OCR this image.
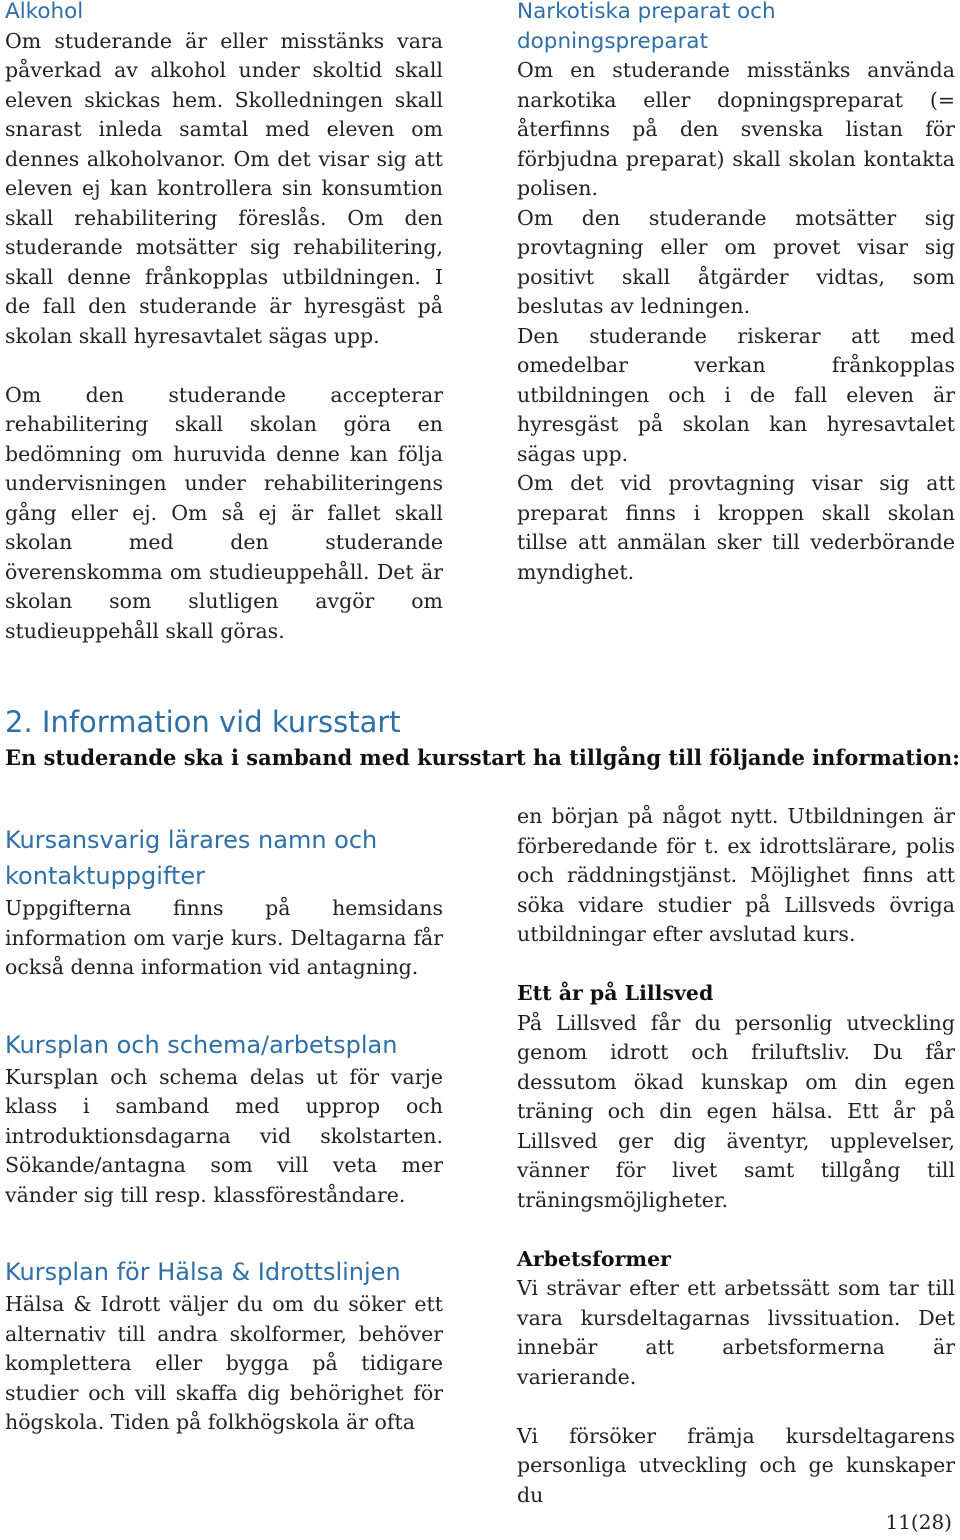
Alkohol

Om studerande är eller misstänks vara påverkad av alkohol under skoltid skall eleven skickas hem. Skolledningen skall snarast inleda samtal med eleven om dennes alkoholvanor. Om det visar sig att eleven ej kan kontrollera sin konsumtion skall rehabilitering föreslås. Om den studerande motsätter sig rehabilitering, skall denne frånkopplas utbildningen. I de fall den studerande är hyresgäst på skolan skall hyresavtalet sägas upp.

Om den studerande accepterar rehabilitering skall skolan göra en bedömning om huruvida denne kan följa undervisningen under rehabiliteringens gång eller ej. Om så ej är fallet skall skolan med den studerande överenskomma om studieuppehåll. Det är skolan som slutligen avgör om studieuppehåll skall göras.

Narkotiska preparat och dopningspreparat

Om en studerande misstänks använda narkotika eller dopningspreparat (= återfinns på den svenska listan för förbjudna preparat) skall skolan kontakta polisen.

Om den studerande motsätter sig provtagning eller om provet visar sig positivt skall åtgärder vidtas, som beslutas av ledningen.

Den studerande riskerar att med omedelbar verkan frånkopplas utbildningen och i de fall eleven är hyresgäst på skolan kan hyresavtalet sägas upp.

Om det vid provtagning visar sig att preparat finns i kroppen skall skolan tillse att anmälan sker till vederbörande myndighet.

2. Information vid kursstart

En studerande ska i samband med kursstart ha tillgång till följande information:

Kursansvarig lärares namn och kontaktuppgifter

Uppgifterna finns på hemsidans information om varje kurs. Deltagarna får också denna information vid antagning.

Kursplan och schema/arbetsplan

Kursplan och schema delas ut för varje klass i samband med upprop och introduktionsdagarna vid skolstarten. Sökande/antagna som vill veta mer vänder sig till resp. klassföreståndare.

Kursplan för Hälsa & Idrottslinjen

Hälsa & Idrott väljer du om du söker ett alternativ till andra skolformer, behöver komplettera eller bygga på tidigare studier och vill skaffa dig behörighet för högskola. Tiden på folkhögskola är ofta

en början på något nytt. Utbildningen är förberedande för t. ex idrottslärare, polis och räddningstjänst. Möjlighet finns att söka vidare studier på Lillsveds övriga utbildningar efter avslutad kurs.

Ett år på Lillsved

På Lillsved får du personlig utveckling genom idrott och friluftsliv. Du får dessutom ökad kunskap om din egen träning och din egen hälsa. Ett år på Lillsved ger dig äventyr, upplevelser, vänner för livet samt tillgång till träningsmöjligheter.

Arbetsformer

Vi strävar efter ett arbetssätt som tar till vara kursdeltagarnas livssituation. Det innebär att arbetsformerna är varierande.

Vi försöker främja kursdeltagarens personliga utveckling och ge kunskaper du

11(28)
